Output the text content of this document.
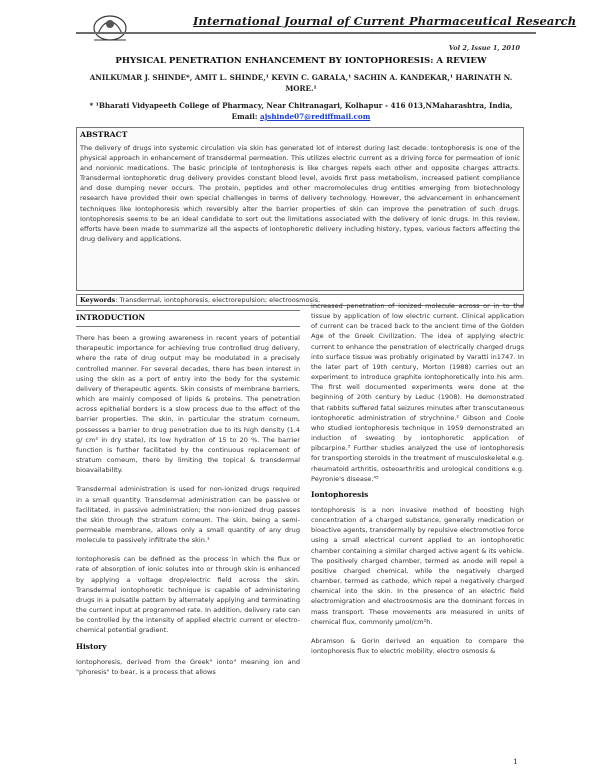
International Journal of Current Pharmaceutical Research
Vol 2, Issue 1, 2010
PHYSICAL PENETRATION ENHANCEMENT BY IONTOPHORESIS: A REVIEW
ANILKUMAR J. SHINDE*, AMIT L. SHINDE,¹ KEVIN C. GARALA,¹ SACHIN A. KANDEKAR,¹ HARINATH N. MORE.¹
* ¹Bharati Vidyapeeth College of Pharmacy, Near Chitranagari, Kolhapur - 416 013,NMaharashtra, India,
Email: ajshinde07@rediffmail.com
ABSTRACT
The delivery of drugs into systemic circulation via skin has generated lot of interest during last decade. Iontophoresis is one of the physical approach in enhancement of transdermal permeation. This utilizes electric current as a driving force for permeation of ionic and nonionic medications. The basic principle of Iontophoresis is like charges repels each other and opposite charges attracts. Transdermal iontophoretic drug delivery provides constant blood level, avoids first pass metabolism, increased patient compliance and dose dumping never occurs. The protein, peptides and other macromolecules drug entities emerging from biotechnology research have provided their own special challenges in terms of delivery technology. However, the advancement in enhancement techniques like Iontophoresis which reversibly alter the barrier properties of skin can improve the penetration of such drugs. Iontophoresis seems to be an ideal candidate to sort out the limitations associated with the delivery of ionic drugs. In this review, efforts have been made to summarize all the aspects of iontophoretic delivery including history, types, various factors affecting the drug delivery and applications.
Keywords: Transdermal, iontophoresis, electrorepulsion; electroosmosis.
INTRODUCTION

There has been a growing awareness in recent years of potential therapeutic importance for achieving true controlled drug delivery, where the rate of drug output may be modulated in a precisely controlled manner. For several decades, there has been interest in using the skin as a port of entry into the body for the systemic delivery of therapeutic agents. Skin consists of membrane barriers, which are mainly composed of lipids & proteins. The penetration across epithelial borders is a slow process due to the effect of the barrier properties. The skin, in particular the stratum corneum, possesses a barrier to drug penetration due to its high density (1.4 g/ cm² in dry state), its low hydration of 15 to 20 %. The barrier function is further facilitated by the continuous replacement of stratum corneum, there by limiting the topical & transdermal bioavailability.

Transdermal administration is used for non-ionized drugs required in a small quantity. Transdermal administration can be passive or facilitated, in passive administration; the non-ionized drug passes the skin through the stratum corneum. The skin, being a semi-permeable membrane, allows only a small quantity of any drug molecule to passively infiltrate the skin.¹

Iontophoresis can be defined as the process in which the flux or rate of absorption of ionic solutes into or through skin is enhanced by applying a voltage drop/electric field across the skin. Transdermal iontophoretic technique is capable of administering drugs in a pulsatile pattern by alternately applying and terminating the current input at programmed rate. In addition, delivery rate can be controlled by the intensity of applied electric current or electro-chemical potential gradient.

History

Iontophoresis, derived from the Greek" ionto" meaning ion and "phoresis" to bear, is a process that allows

increased penetration of ionized molecule across or in to the tissue by application of low electric current. Clinical application of current can be traced back to the ancient time of the Golden Age of the Greek Civilization. The idea of applying electric current to enhance the penetration of electrically charged drugs into surface tissue was probably originated by Varatti in1747. In the later part of 19th century, Morton (1988) carries out an experiment to introduce graphite iontophoretically into his arm. The first well documented experiments were done at the beginning of 20th century by Leduc (1908). He demonstrated that rabbits suffered fatal seizures minutes after transcutaneous iontophoretic administration of strychnine.² Gibson and Coole who studied iontophoresis technique in 1959 demonstrated an induction of sweating by iontophoretic application of pibcarpine.³ Further studies analyzed the use of iontophoresis for transporting steroids in the treatment of musculoskeletal e.g. rheumatoid arthritis, osteoarthritis and urological conditions e.g. Peyronie's disease.⁴⁵

Iontophoresis

Iontophoresis is a non invasive method of boosting high concentration of a charged substance, generally medication or bioactive agents, transdermally by repulsive electromotive force using a small electrical current applied to an iontophoretic chamber containing a similar charged active agent & its vehicle. The positively charged chamber, termed as anode will repel a positive charged chemical, while the negatively charged chamber, termed as cathode, which repel a negatively charged chemical into the skin. In the presence of an electric field electromigration and electroosmosis are the dominant forces in mass transport. These movements are measured in units of chemical flux, commonly μmol/cm²h.

Abramson & Gorin derived an equation to compare the iontophoresis flux to electric mobility, electro osmosis &

1
